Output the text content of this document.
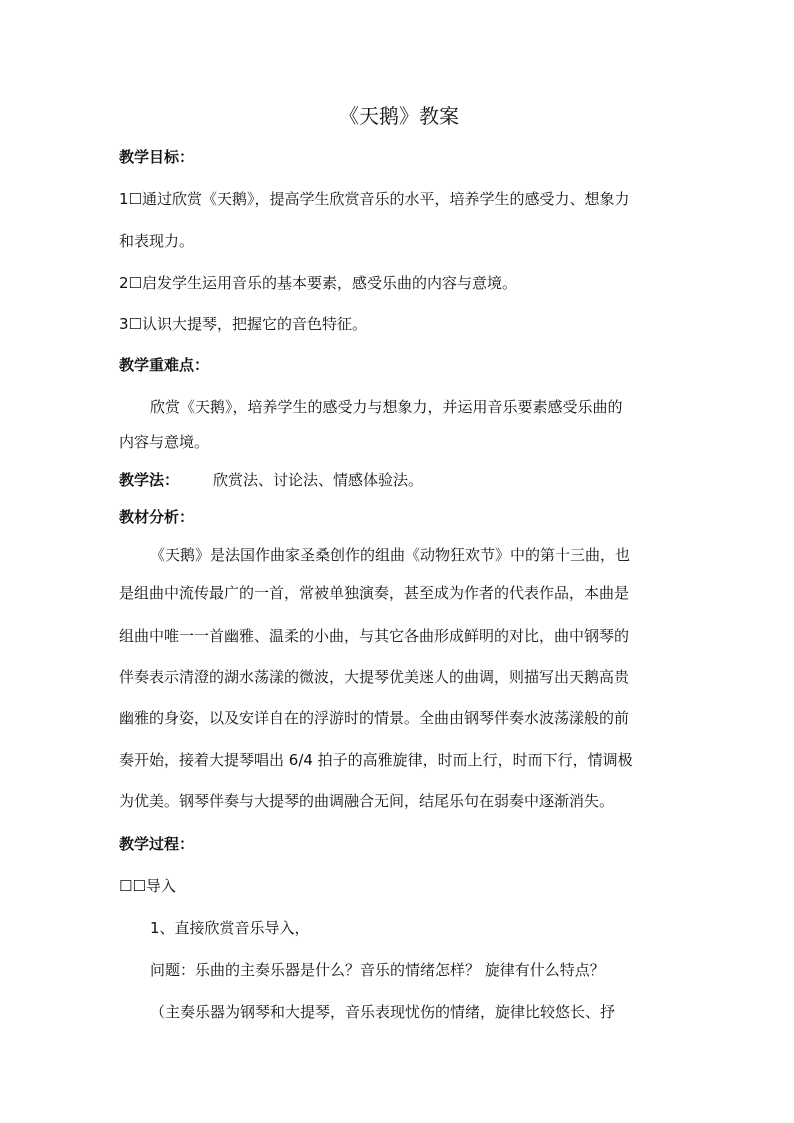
《天鹅》教案
教学目标：
1☐通过欣赏《天鹅》，提高学生欣赏音乐的水平，培养学生的感受力、想象力
和表现力。
2☐启发学生运用音乐的基本要素，感受乐曲的内容与意境。
3☐认识大提琴，把握它的音色特征。
教学重难点：
欣赏《天鹅》，培养学生的感受力与想象力，并运用音乐要素感受乐曲的
内容与意境。
教学法： 欣赏法、讨论法、情感体验法。
教材分析：
《天鹅》是法国作曲家圣桑创作的组曲《动物狂欢节》中的第十三曲，也
是组曲中流传最广的一首，常被单独演奏，甚至成为作者的代表作品，本曲是
组曲中唯一一首幽雅、温柔的小曲，与其它各曲形成鲜明的对比，曲中钢琴的
伴奏表示清澄的湖水荡漾的微波，大提琴优美迷人的曲调，则描写出天鹅高贵
幽雅的身姿，以及安详自在的浮游时的情景。全曲由钢琴伴奏水波荡漾般的前
奏开始，接着大提琴唱出 6/4 拍子的高雅旋律，时而上行，时而下行，情调极
为优美。钢琴伴奏与大提琴的曲调融合无间，结尾乐句在弱奏中逐渐消失。
教学过程：
☐☐导入
1、直接欣赏音乐导入，
问题：乐曲的主奏乐器是什么？音乐的情绪怎样？ 旋律有什么特点？
（主奏乐器为钢琴和大提琴，音乐表现忧伤的情绪，旋律比较悠长、抒
